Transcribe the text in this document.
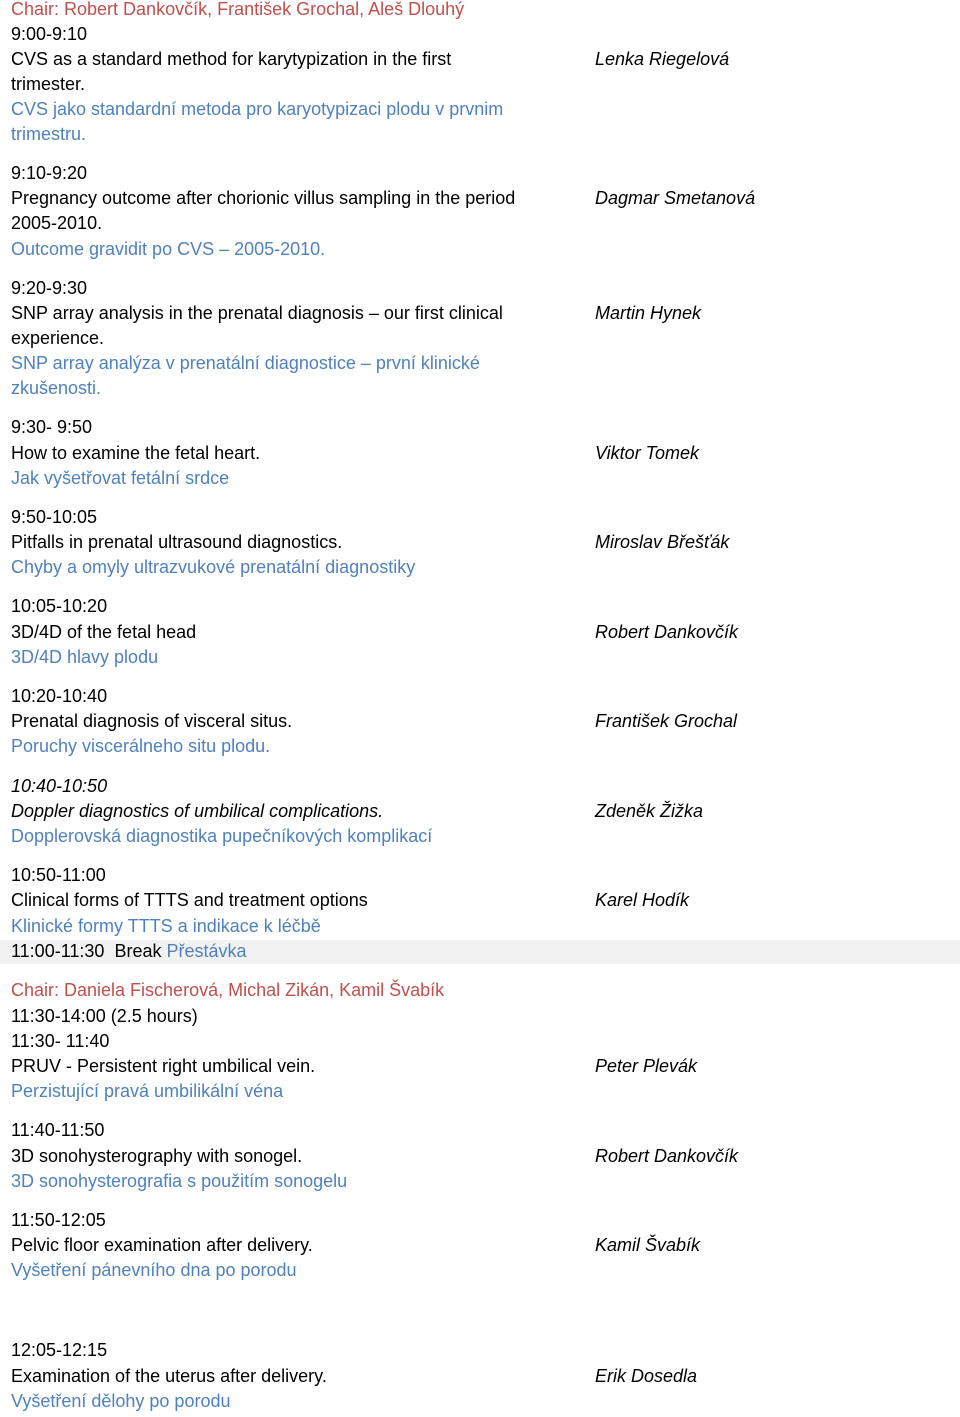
Chair: Robert Dankovčík, František Grochal, Aleš Dlouhý
9:00-9:10
CVS as a standard method for karytypization in the first
trimester.
CVS jako standardní metoda pro karyotypizaci plodu v prvnim
trimestru.
Lenka Riegelová
9:10-9:20
Pregnancy outcome after chorionic villus sampling in the period
2005-2010.
Outcome gravidit po CVS – 2005-2010.
Dagmar Smetanová
9:20-9:30
SNP array analysis in the prenatal diagnosis – our first clinical
experience.
SNP array analýza v prenatální diagnostice – první klinické
zkušenosti.
Martin Hynek
9:30- 9:50
How to examine the fetal heart.
Jak vyšetřovat fetální srdce
Viktor Tomek
9:50-10:05
Pitfalls in prenatal ultrasound diagnostics.
Chyby a omyly ultrazvukové prenatální diagnostiky
Miroslav Břešťák
10:05-10:20
3D/4D of the fetal head
3D/4D hlavy plodu
Robert Dankovčík
10:20-10:40
Prenatal diagnosis of visceral situs.
Poruchy viscerálneho situ plodu.
František Grochal
10:40-10:50
Doppler diagnostics of umbilical complications.
Dopplerovská diagnostika pupečníkových komplikací
Zdeněk Žižka
10:50-11:00
Clinical forms of TTTS and treatment options
Klinické formy TTTS a indikace k léčbě
Karel Hodík
11:00-11:30 Break Přestávka
Chair: Daniela Fischerová, Michal Zikán, Kamil Švabík
11:30-14:00 (2.5 hours)
11:30- 11:40
PRUV - Persistent right umbilical vein.
Perzistující pravá umbilikální véna
Peter Plevák
11:40-11:50
3D sonohysterography with sonogel.
3D sonohysterografia s použitím sonogelu
Robert Dankovčík
11:50-12:05
Pelvic floor examination after delivery.
Vyšetření pánevního dna po porodu
Kamil Švabík
12:05-12:15
Examination of the uterus after delivery.
Vyšetření dělohy po porodu
Erik Dosedla
